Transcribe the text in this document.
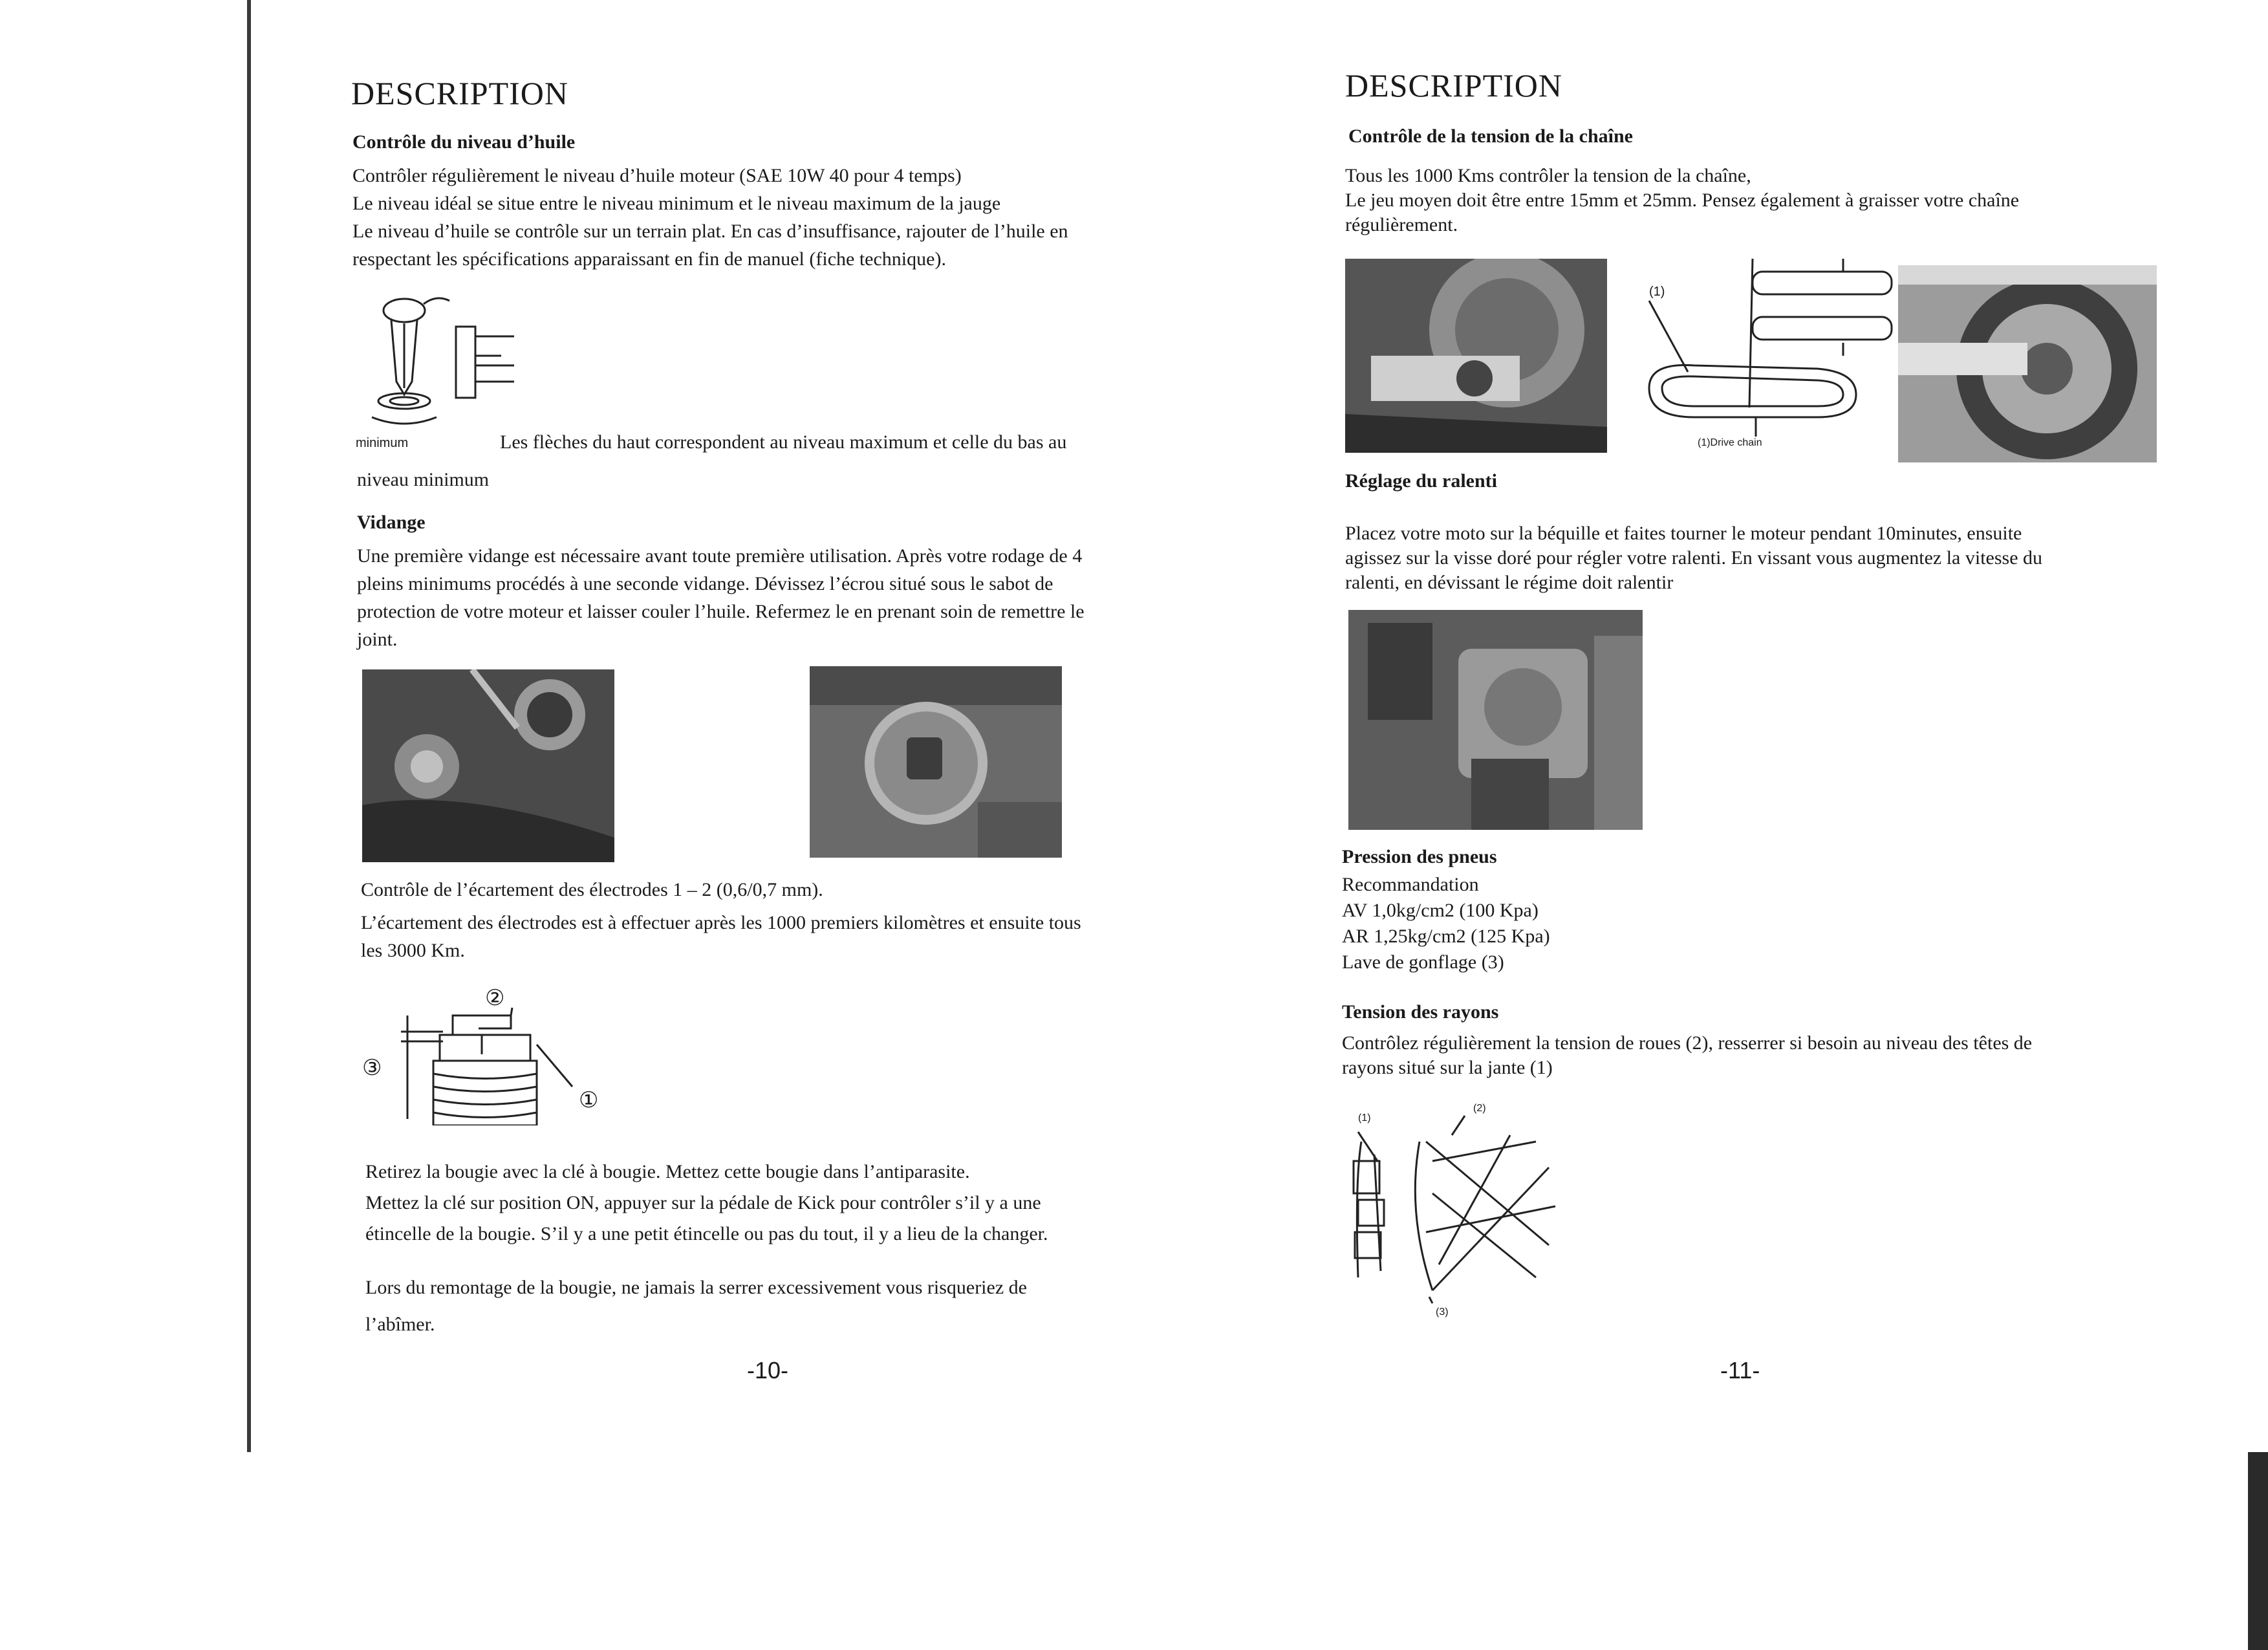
DESCRIPTION
Contrôle du niveau d’huile
Contrôler régulièrement le niveau d’huile moteur (SAE 10W 40 pour 4 temps)
Le niveau idéal se situe entre le niveau minimum et le niveau maximum de la jauge
Le niveau d’huile se contrôle sur un terrain plat. En cas d’insuffisance, rajouter de l’huile en
respectant les spécifications apparaissant en fin de manuel (fiche technique).
minimum	Les flèches du haut correspondent au niveau maximum et celle du bas au
niveau minimum
Vidange
Une première vidange est nécessaire avant toute première utilisation. Après votre rodage de 4
pleins minimums procédés à une seconde vidange. Dévissez l’écrou situé sous le sabot de
protection de votre moteur et laisser couler l’huile. Refermez le en prenant soin de remettre le
joint.
Contrôle de l’écartement des électrodes 1 – 2 (0,6/0,7 mm).
L’écartement des électrodes est à effectuer après les 1000 premiers kilomètres et ensuite tous
les 3000 Km.
②
③
①
Retirez la bougie avec la clé à bougie. Mettez cette bougie dans l’antiparasite.
Mettez la clé sur position ON, appuyer sur la pédale de Kick pour contrôler s’il y a une
étincelle de la bougie. S’il y a une petit étincelle ou pas du tout, il y a lieu de la changer.
Lors du remontage de la bougie, ne jamais la serrer excessivement vous risqueriez de
l’abîmer.
-10-
DESCRIPTION
Contrôle de la tension de la chaîne
Tous les 1000 Kms contrôler la tension de la chaîne,
Le jeu moyen doit être entre 15mm et 25mm. Pensez également à graisser votre chaîne
régulièrement.
(1)
(1)Drive chain
Réglage du ralenti
Placez votre moto sur la béquille et faites tourner le moteur pendant 10minutes, ensuite
agissez sur la visse doré pour régler votre ralenti. En vissant vous augmentez la vitesse du
ralenti, en dévissant le régime doit ralentir
Pression des pneus
Recommandation
AV 1,0kg/cm2 (100 Kpa)
AR 1,25kg/cm2 (125 Kpa)
Lave de gonflage (3)
Tension des rayons
Contrôlez régulièrement la tension de roues (2), resserrer si besoin au niveau des têtes de
rayons situé sur la jante (1)
(1)
(2)
(3)
-11-
